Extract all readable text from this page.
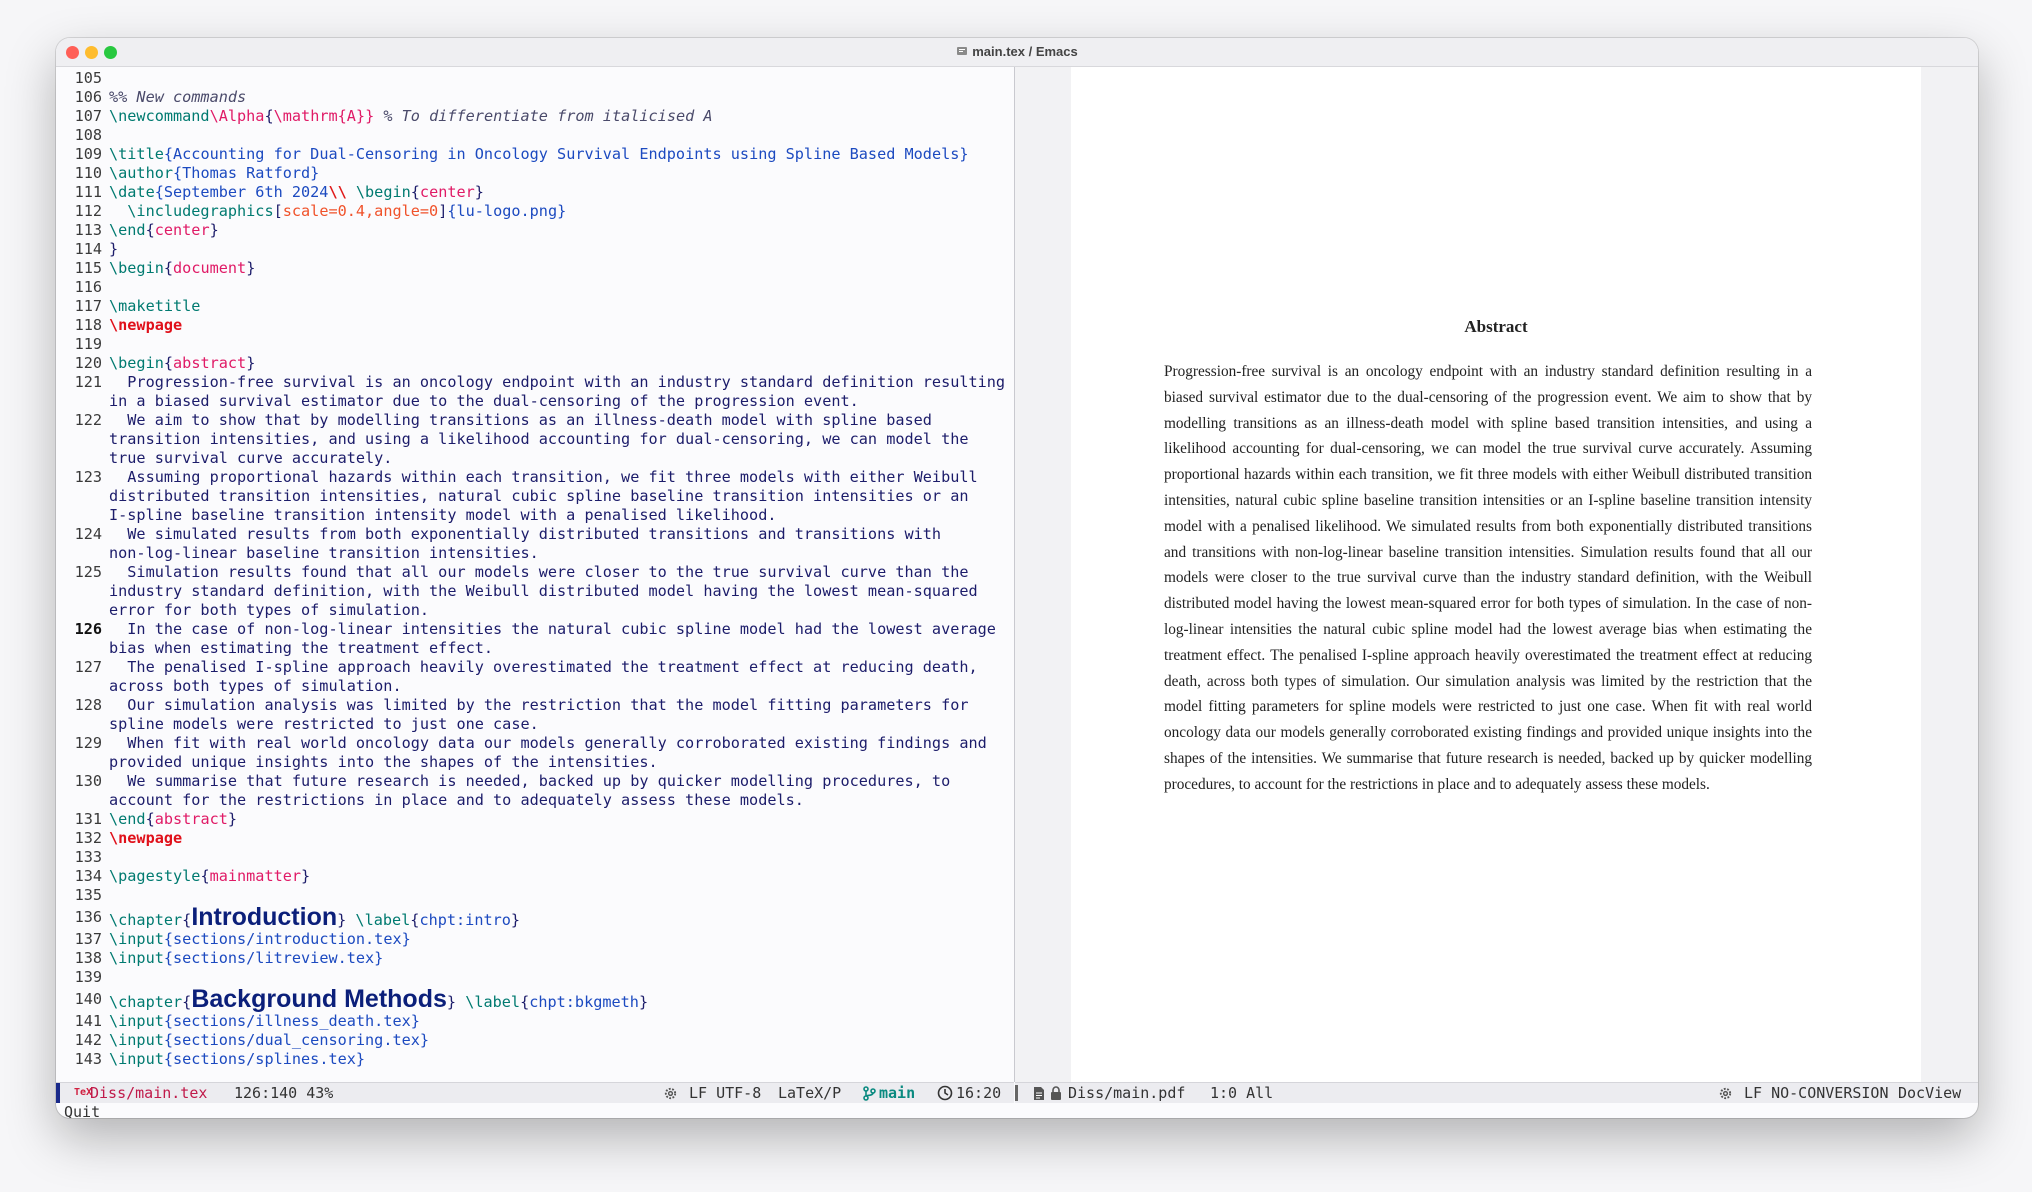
main.tex / Emacs
105
106 %% New commands
107 \newcommand\Alpha{\mathrm{A}} % To differentiate from italicised A
108
109 \title{Accounting for Dual-Censoring in Oncology Survival Endpoints using Spline Based Models}
110 \author{Thomas Ratford}
111 \date{September 6th 2024\\ \begin{center}
112 \includegraphics[scale=0.4,angle=0]{lu-logo.png}
113 \end{center}
114 }
115 \begin{document}
116
117 \maketitle
118 \newpage
119
120 \begin{abstract}
121 Progression-free survival is an oncology endpoint with an industry standard definition resulting
in a biased survival estimator due to the dual-censoring of the progression event.
122 We aim to show that by modelling transitions as an illness-death model with spline based
transition intensities, and using a likelihood accounting for dual-censoring, we can model the
true survival curve accurately.
123 Assuming proportional hazards within each transition, we fit three models with either Weibull
distributed transition intensities, natural cubic spline baseline transition intensities or an
I-spline baseline transition intensity model with a penalised likelihood.
124 We simulated results from both exponentially distributed transitions and transitions with
non-log-linear baseline transition intensities.
125 Simulation results found that all our models were closer to the true survival curve than the
industry standard definition, with the Weibull distributed model having the lowest mean-squared
error for both types of simulation.
126 In the case of non-log-linear intensities the natural cubic spline model had the lowest average
bias when estimating the treatment effect.
127 The penalised I-spline approach heavily overestimated the treatment effect at reducing death,
across both types of simulation.
128 Our simulation analysis was limited by the restriction that the model fitting parameters for
spline models were restricted to just one case.
129 When fit with real world oncology data our models generally corroborated existing findings and
provided unique insights into the shapes of the intensities.
130 We summarise that future research is needed, backed up by quicker modelling procedures, to
account for the restrictions in place and to adequately assess these models.
131 \end{abstract}
132 \newpage
133
134 \pagestyle{mainmatter}
135
136 \chapter{Introduction} \label{chpt:intro}
137 \input{sections/introduction.tex}
138 \input{sections/litreview.tex}
139
140 \chapter{Background Methods} \label{chpt:bkgmeth}
141 \input{sections/illness_death.tex}
142 \input{sections/dual_censoring.tex}
143 \input{sections/splines.tex}
Abstract
Progression-free survival is an oncology endpoint with an industry standard definition resulting in a biased survival estimator due to the dual-censoring of the progression event. We aim to show that by modelling transitions as an illness-death model with spline based transition intensities, and using a likelihood accounting for dual-censoring, we can model the true survival curve accurately. Assuming proportional hazards within each transition, we fit three models with either Weibull distributed transition intensities, natural cubic spline baseline transition intensities or an I-spline baseline transition intensity model with a penalised likelihood. We simulated results from both exponentially distributed transitions and transitions with non-log-linear baseline transition intensities. Simulation results found that all our models were closer to the true survival curve than the industry standard definition, with the Weibull distributed model having the lowest mean-squared error for both types of simulation. In the case of non-log-linear intensities the natural cubic spline model had the lowest average bias when estimating the treatment effect. The penalised I-spline approach heavily overestimated the treatment effect at reducing death, across both types of simulation. Our simulation analysis was limited by the restriction that the model fitting parameters for spline models were restricted to just one case. When fit with real world oncology data our models generally corroborated existing findings and provided unique insights into the shapes of the intensities. We summarise that future research is needed, backed up by quicker modelling procedures, to account for the restrictions in place and to adequately assess these models.
TeX
Diss/main.tex 126:140 43%	LF UTF-8 LaTeX/P	main	16:20	Diss/main.pdf 1:0 All	LF NO-CONVERSION DocView
Quit
